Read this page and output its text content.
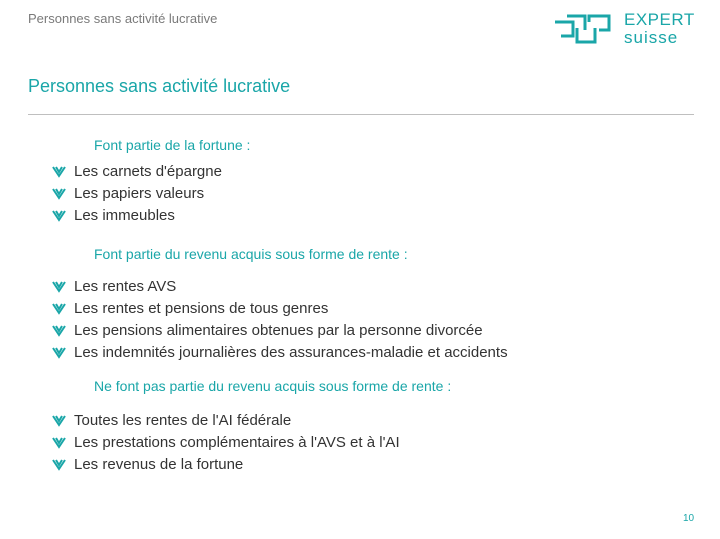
Personnes sans activité lucrative	EXPERT
suisse
Personnes sans activité lucrative
Font partie de la fortune :
Les carnets d'épargne
Les papiers valeurs
Les immeubles
Font partie du revenu acquis sous forme de rente :
Les rentes AVS
Les rentes et pensions de tous genres
Les pensions alimentaires obtenues par la personne divorcée
Les indemnités journalières des assurances-maladie et accidents
Ne font pas partie du revenu acquis sous forme de rente :
Toutes les rentes de l'AI fédérale
Les prestations complémentaires à l'AVS et à l'AI
Les revenus de la fortune
10
